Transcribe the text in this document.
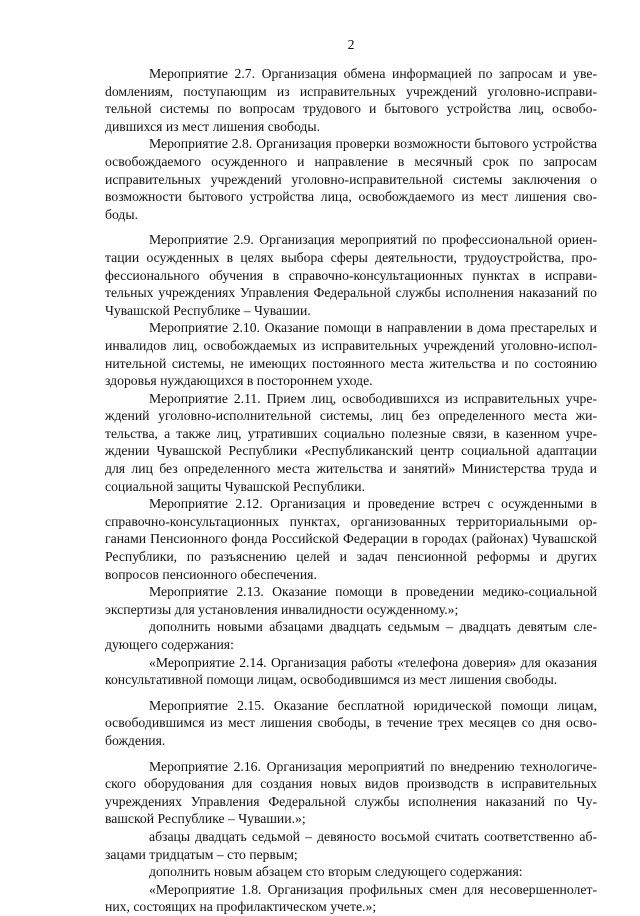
2

Мероприятие 2.7. Организация обмена информацией по запросам и увеdомлениям, поступающим из исправительных учреждений уголовно-исправительной системы по вопросам трудового и бытового устройства лиц, освободившихся из мест лишения свободы.

Мероприятие 2.8. Организация проверки возможности бытового устройства освобождаемого осужденного и направление в месячный срок по запросам исправительных учреждений уголовно-исправительной системы заключения о возможности бытового устройства лица, освобождаемого из мест лишения свободы.

Мероприятие 2.9. Организация мероприятий по профессиональной ориентации осужденных в целях выбора сферы деятельности, трудоустройства, профессионального обучения в справочно-консультационных пунктах в исправительных учреждениях Управления Федеральной службы исполнения наказаний по Чувашской Республике – Чувашии.

Мероприятие 2.10. Оказание помощи в направлении в дома престарелых и инвалидов лиц, освобождаемых из исправительных учреждений уголовно-исполнительной системы, не имеющих постоянного места жительства и по состоянию здоровья нуждающихся в постороннем уходе.

Мероприятие 2.11. Прием лиц, освободившихся из исправительных учреждений уголовно-исполнительной системы, лиц без определенного места жительства, а также лиц, утративших социально полезные связи, в казенном учреждении Чувашской Республики «Республиканский центр социальной адаптации для лиц без определенного места жительства и занятий» Министерства труда и социальной защиты Чувашской Республики.

Мероприятие 2.12. Организация и проведение встреч с осужденными в справочно-консультационных пунктах, организованных территориальными органами Пенсионного фонда Российской Федерации в городах (районах) Чувашской Республики, по разъяснению целей и задач пенсионной реформы и других вопросов пенсионного обеспечения.

Мероприятие 2.13. Оказание помощи в проведении медико-социальной экспертизы для установления инвалидности осужденному.»;

дополнить новыми абзацами двадцать седьмым – двадцать девятым следующего содержания:

«Мероприятие 2.14. Организация работы «телефона доверия» для оказания консультативной помощи лицам, освободившимся из мест лишения свободы.

Мероприятие 2.15. Оказание бесплатной юридической помощи лицам, освободившимся из мест лишения свободы, в течение трех месяцев со дня освобождения.

Мероприятие 2.16. Организация мероприятий по внедрению технологического оборудования для создания новых видов производств в исправительных учреждениях Управления Федеральной службы исполнения наказаний по Чувашской Республике – Чувашии.»;

абзацы двадцать седьмой – девяносто восьмой считать соответственно абзацами тридцатым – сто первым;

дополнить новым абзацем сто вторым следующего содержания:

«Мероприятие 1.8. Организация профильных смен для несовершеннолетних, состоящих на профилактическом учете.»;
